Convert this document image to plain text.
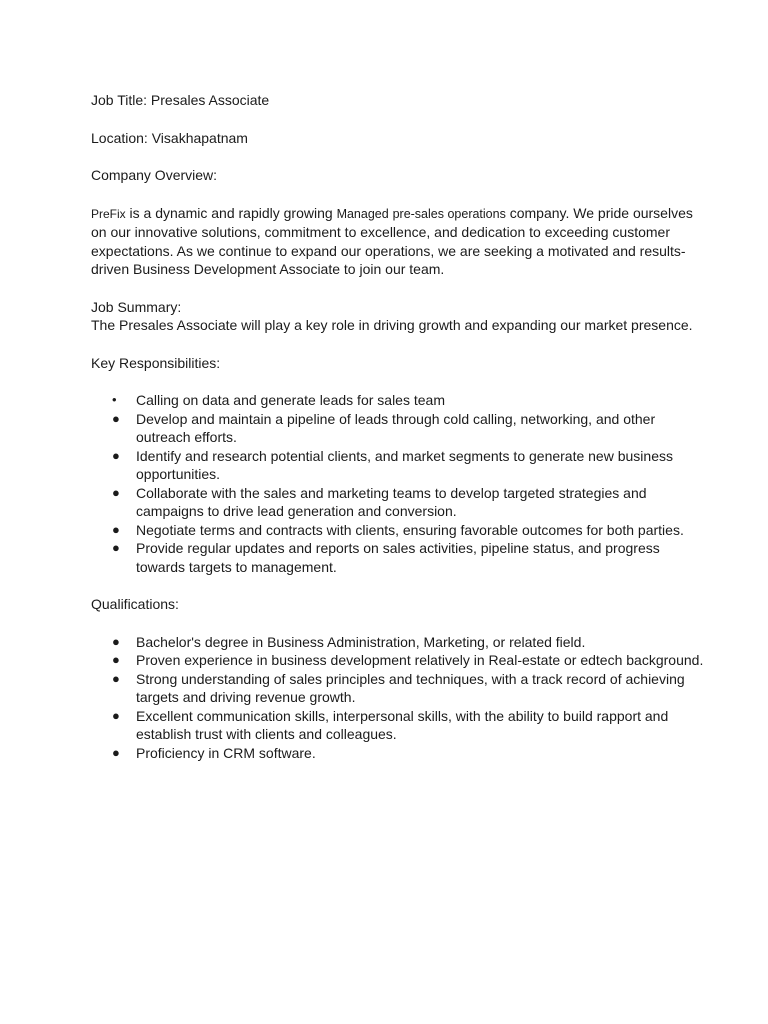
Job Title: Presales Associate

Location: Visakhapatnam

Company Overview:

PreFix is a dynamic and rapidly growing Managed pre-sales operations company. We pride ourselves on our innovative solutions, commitment to excellence, and dedication to exceeding customer expectations. As we continue to expand our operations, we are seeking a motivated and results-driven Business Development Associate to join our team.

Job Summary:
The Presales Associate will play a key role in driving growth and expanding our market presence.

Key Responsibilities:

• Calling on data and generate leads for sales team
● Develop and maintain a pipeline of leads through cold calling, networking, and other outreach efforts.
● Identify and research potential clients, and market segments to generate new business opportunities.
● Collaborate with the sales and marketing teams to develop targeted strategies and campaigns to drive lead generation and conversion.
● Negotiate terms and contracts with clients, ensuring favorable outcomes for both parties.
● Provide regular updates and reports on sales activities, pipeline status, and progress towards targets to management.

Qualifications:

● Bachelor's degree in Business Administration, Marketing, or related field.
● Proven experience in business development relatively in Real-estate or edtech background.
● Strong understanding of sales principles and techniques, with a track record of achieving targets and driving revenue growth.
● Excellent communication skills, interpersonal skills, with the ability to build rapport and establish trust with clients and colleagues.
● Proficiency in CRM software.
